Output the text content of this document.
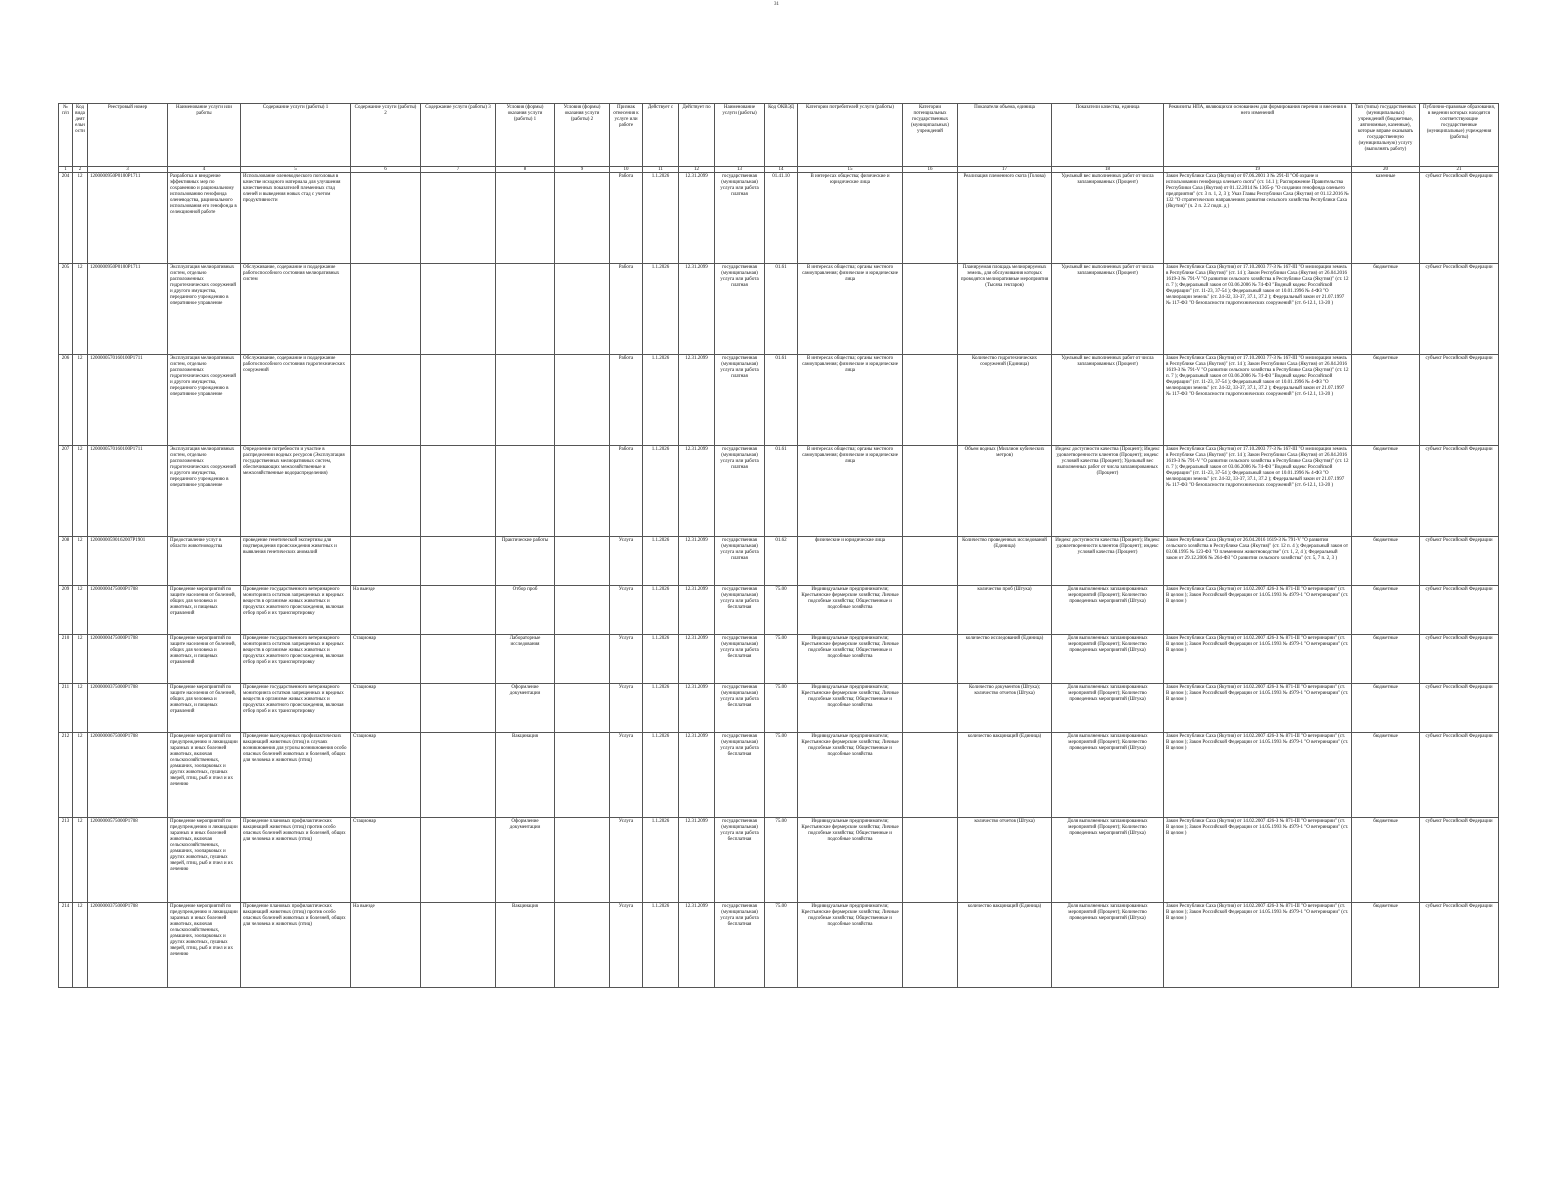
31
№ п/п	Код вида деятельности	Реестровый номер	Наименование услуги или работы	Содержание услуги (работы) 1	Содержание услуги (работы) 2	Содержание услуги (работы) 3	Условия (формы) оказания услуги (работы) 1	Условия (формы) оказания услуги (работы) 2	Признак отнесения к услуге или работе	Действует с	Действует по	Наименование услуги (работы)	Код ОКВЭД	Категории потребителей услуги (работы)	Категории потенциальных государственных (муниципальных) учреждений	Показатели объема, единица	Показатели качества, единица	Реквизиты НПА, являющихся основанием для формирования перечня и внесения в него изменений	Тип (типы) государственных (муниципальных) учреждений (бюджетные, автономные, казенные), которые вправе оказывать государственную (муниципальную) услугу (выполнять работу)	Публично-правовые образования, в ведении которых находятся соответствующие государственные (муниципальные) учреждения (работы)
1	2	3	4	5	6	7	8	9	10	11	12	13	14	15	16	17	18	19	20	21
204	12	1200000950Р0100Р1711	Разработка и внедрение эффективных мер по сохранению и рациональному использованию генофонда оленеводства, рационального использования его генофонда в селекционной работе	Использование оленеводческого поголовья в качестве исходного материала для улучшения качественных показателей племенных стад оленей и выведения новых стад с учетом продуктивности					Работа	1.1.2026	12.31.2099	государственная (муниципальная) услуга или работа платная	01.41.10	В интересах общества; физические и юридические лица		Реализация племенного скота (Голова)	Удельный вес выполненных работ от числа запланированных (Процент)	Закон Республики Саха (Якутия) от 07.06.2001 З № 291-II "Об охране и использовании генофонда оленьего скота" (ст. 14.1 ); Распоряжение Правительства Республики Саха (Якутия) от 01.12.2014 № 1365-р "О создании генофонда оленьего предприятия" (ст. 3 п. 1, 2, 3 ); Указ Главы Республики Саха (Якутия) от 01.12.2016 № 132 "О стратегических направлениях развития сельского хозяйства Республики Саха (Якутия)" (ч. 2 п. 2.2 подп. д )	казенные	субъект Российской Федерации
205	12	1200000950Р0100Р1711	Эксплуатация мелиоративных систем, отдельно расположенных гидротехнических сооружений и другого имущества, переданного учреждению в оперативное управление	Обслуживание, содержание и поддержание работоспособного состояния мелиоративных систем					Работа	1.1.2026	12.31.2099	государственная (муниципальная) услуга или работа платная	01.61	В интересах общества; органы местного самоуправления; физические и юридические лица		Планируемая площадь мелиорируемых земель, для обслуживания которых проводятся мелиоративные мероприятия (Тысяча гектаров)	Удельный вес выполненных работ от числа запланированных (Процент)	Закон Республики Саха (Якутия) от 17.10.2003 77-З № 167-III "О мелиорации земель в Республике Саха (Якутия)" (ст. 14 ); Закон Республики Саха (Якутия) от 26.04.2016 1619-З № 791-V "О развитии сельского хозяйства в Республике Саха (Якутия)" (ст. 12 п. 7 ); Федеральный закон от 03.06.2006 № 74-ФЗ "Водный кодекс Российской Федерации" (ст. 11-23, 37-54 ); Федеральный закон от 10.01.1996 № 4-ФЗ "О мелиорации земель" (ст. 24-32, 33-37, 37.1, 37.2 ); Федеральный закон от 21.07.1997 № 117-ФЗ "О безопасности гидротехнических сооружений" (ст. 6-12.1, 13-20 )	бюджетные	субъект Российской Федерации
206	12	1200000570160100Р1711	Эксплуатация мелиоративных систем, отдельно расположенных гидротехнических сооружений и другого имущества, переданного учреждению в оперативное управление	Обслуживание, содержание и поддержание работоспособного состояния гидротехнических сооружений					Работа	1.1.2026	12.31.2099	государственная (муниципальная) услуга или работа платная	01.61	В интересах общества; органы местного самоуправления; физические и юридические лица		Количество гидротехнических сооружений (Единица)	Удельный вес выполненных работ от числа запланированных (Процент)	Закон Республики Саха (Якутия) от 17.10.2003 77-З № 167-III "О мелиорации земель в Республике Саха (Якутия)" (ст. 14 ); Закон Республики Саха (Якутия) от 26.04.2016 1619-З № 791-V "О развитии сельского хозяйства в Республике Саха (Якутия)" (ст. 12 п. 7 ); Федеральный закон от 03.06.2006 № 74-ФЗ "Водный кодекс Российской Федерации" (ст. 11-23, 37-54 ); Федеральный закон от 10.01.1996 № 4-ФЗ "О мелиорации земель" (ст. 24-32, 33-37, 37.1, 37.2 ); Федеральный закон от 21.07.1997 № 117-ФЗ "О безопасности гидротехнических сооружений" (ст. 6-12.1, 13-20 )	бюджетные	субъект Российской Федерации
207	12	1200000570160100Р1711	Эксплуатация мелиоративных систем, отдельно расположенных гидротехнических сооружений и другого имущества, переданного учреждению в оперативное управление	Определение потребности и участие в распределении водных ресурсов (Эксплуатация государственных мелиоративных систем, обеспечивающих межхозяйственные и межхозяйственные водораспределения)					Работа	1.1.2026	12.31.2099	государственная (муниципальная) услуга или работа платная	01.61	В интересах общества; органы местного самоуправления; физические и юридические лица		Объем водных (Миллион кубических метров)	Индекс доступности качества (Процент); Индекс удовлетворенности клиентов (Процент); индекс условий качества (Процент); Удельный вес выполненных работ от числа запланированных (Процент)	Закон Республики Саха (Якутия) от 17.10.2003 77-З № 167-III "О мелиорации земель в Республике Саха (Якутия)" (ст. 14 ); Закон Республики Саха (Якутия) от 26.04.2016 1619-З № 791-V "О развитии сельского хозяйства в Республике Саха (Якутия)" (ст. 12 п. 7 ); Федеральный закон от 03.06.2006 № 74-ФЗ "Водный кодекс Российской Федерации" (ст. 11-23, 37-54 ); Федеральный закон от 10.01.1996 № 4-ФЗ "О мелиорации земель" (ст. 24-32, 33-37, 37.1, 37.2 ); Федеральный закон от 21.07.1997 № 117-ФЗ "О безопасности гидротехнических сооружений" (ст. 6-12.1, 13-20 )	бюджетные	субъект Российской Федерации
208	12	12000000590162007Р1901	Предоставление услуг в области животноводства	проведение генетической экспертизы для подтверждения происхождения животных и выявления генетических аномалий			Практические работы		Услуга	1.1.2026	12.31.2099	государственная (муниципальная) услуга или работа платная	01.62	физические и юридические лица		Количество проведенных исследований (Единица)	Индекс доступности качества (Процент); Индекс удовлетворенности клиентов (Процент); индекс условий качества (Процент)	Закон Республики Саха (Якутия) от 26.04.2016 1619-З № 791-V "О развитии сельского хозяйства в Республике Саха (Якутия)" (ст. 12 п. 4 ); Федеральный закон от 03.08.1995 № 123-ФЗ "О племенном животноводстве" (ст. 1, 2, 4 ); Федеральный закон от 29.12.2006 № 264-ФЗ "О развитии сельского хозяйства" (ст. 5, 7 п. 2, 3 )	бюджетные	субъект Российской Федерации
209	12	12000000475000Р1708	Проведение мероприятий по защите населения от болезней, общих для человека и животных, и пищевых отравлений	Проведение государственного ветеринарного мониторинга остатков запрещенных и вредных веществ в организме живых животных и продуктах животного происхождения, включая отбор проб и их транспортировку	На выезде		Отбор проб		Услуга	1.1.2026	12.31.2099	государственная (муниципальная) услуга или работа бесплатная	75.00	Индивидуальные предприниматели; Крестьянские фермерские хозяйства; Личные подсобные хозяйства; Общественные и подсобные хозяйства		количество проб (Штука)	Доля выполненных запланированных мероприятий (Процент); Количество проведенных мероприятий (Штука)	Закон Республики Саха (Якутия) от 14.02.2007 426-З № 871-III "О ветеринарии" (ст. В целом ); Закон Российской Федерации от 14.05.1993 № 4979-1 "О ветеринарии" (ст. В целом )	бюджетные	субъект Российской Федерации
210	12	12000000475000Р1708	Проведение мероприятий по защите населения от болезней, общих для человека и животных, и пищевых отравлений	Проведение государственного ветеринарного мониторинга остатков запрещенных и вредных веществ в организме живых животных и продуктах животного происхождения, включая отбор проб и их транспортировку	Стационар		Лабораторные исследования		Услуга	1.1.2026	12.31.2099	государственная (муниципальная) услуга или работа бесплатная	75.00	Индивидуальные предприниматели; Крестьянские фермерские хозяйства; Личные подсобные хозяйства; Общественные и подсобные хозяйства		количество исследований (Единица)	Доля выполненных запланированных мероприятий (Процент); Количество проведенных мероприятий (Штука)	Закон Республики Саха (Якутия) от 14.02.2007 426-З № 871-III "О ветеринарии" (ст. В целом ); Закон Российской Федерации от 14.05.1993 № 4979-1 "О ветеринарии" (ст. В целом )	бюджетные	субъект Российской Федерации
211	12	12000000375000Р1708	Проведение мероприятий по защите населения от болезней, общих для человека и животных, и пищевых отравлений	Проведение государственного ветеринарного мониторинга остатков запрещенных и вредных веществ в организме живых животных и продуктах животного происхождения, включая отбор проб и их транспортировку	Стационар		Оформление документации		Услуга	1.1.2026	12.31.2099	государственная (муниципальная) услуга или работа бесплатная	75.00	Индивидуальные предприниматели; Крестьянские фермерские хозяйства; Личные подсобные хозяйства; Общественные и подсобные хозяйства		Количество документов (Штука); количество отчетов (Штука)	Доля выполненных запланированных мероприятий (Процент); Количество проведенных мероприятий (Штука)	Закон Республики Саха (Якутия) от 14.02.2007 426-З № 871-III "О ветеринарии" (ст. В целом ); Закон Российской Федерации от 14.05.1993 № 4979-1 "О ветеринарии" (ст. В целом )	бюджетные	субъект Российской Федерации
212	12	12000000675000Р1708	Проведение мероприятий по предупреждению и ликвидации заразных и иных болезней животных, включая сельскохозяйственных, домашних, зоопарковых и других животных, пушных зверей, птиц, рыб и пчел и их лечению	Проведение вынужденных профилактических вакцинаций животных (птиц) в случаях возникновения для угрозы возникновения особо опасных болезней животных и болезней, общих для человека и животных (птиц)	Стационар		Вакцинация		Услуга	1.1.2026	12.31.2099	государственная (муниципальная) услуга или работа бесплатная	75.00	Индивидуальные предприниматели; Крестьянские фермерские хозяйства; Личные подсобные хозяйства; Общественные и подсобные хозяйства		количество вакцинаций (Единица)	Доля выполненных запланированных мероприятий (Процент); Количество проведенных мероприятий (Штука)	Закон Республики Саха (Якутия) от 14.02.2007 426-З № 871-III "О ветеринарии" (ст. В целом ); Закон Российской Федерации от 14.05.1993 № 4979-1 "О ветеринарии" (ст. В целом )	бюджетные	субъект Российской Федерации
213	12	12000000575000Р1708	Проведение мероприятий по предупреждению и ликвидации заразных и иных болезней животных, включая сельскохозяйственных, домашних, зоопарковых и других животных, пушных зверей, птиц, рыб и пчел и их лечению	Проведение плановых профилактических вакцинаций животных (птиц) против особо опасных болезней животных и болезней, общих для человека и животных (птиц)	Стационар		Оформление документации		Услуга	1.1.2026	12.31.2099	государственная (муниципальная) услуга или работа бесплатная	75.00	Индивидуальные предприниматели; Крестьянские фермерские хозяйства; Личные подсобные хозяйства; Общественные и подсобные хозяйства		количество отчетов (Штука)	Доля выполненных запланированных мероприятий (Процент); Количество проведенных мероприятий (Штука)	Закон Республики Саха (Якутия) от 14.02.2007 426-З № 871-III "О ветеринарии" (ст. В целом ); Закон Российской Федерации от 14.05.1993 № 4979-1 "О ветеринарии" (ст. В целом )	бюджетные	субъект Российской Федерации
214	12	12000000375000Р1708	Проведение мероприятий по предупреждению и ликвидации заразных и иных болезней животных, включая сельскохозяйственных, домашних, зоопарковых и других животных, пушных зверей, птиц, рыб и пчел и их лечению	Проведение плановых профилактических вакцинаций животных (птиц) против особо опасных болезней животных и болезней, общих для человека и животных (птиц)	На выезде		Вакцинация		Услуга	1.1.2026	12.31.2099	государственная (муниципальная) услуга или работа бесплатная	75.00	Индивидуальные предприниматели; Крестьянские фермерские хозяйства; Личные подсобные хозяйства; Общественные и подсобные хозяйства		количество вакцинаций (Единица)	Доля выполненных запланированных мероприятий (Процент); Количество проведенных мероприятий (Штука)	Закон Республики Саха (Якутия) от 14.02.2007 426-З № 871-III "О ветеринарии" (ст. В целом ); Закон Российской Федерации от 14.05.1993 № 4979-1 "О ветеринарии" (ст. В целом )	бюджетные	субъект Российской Федерации
